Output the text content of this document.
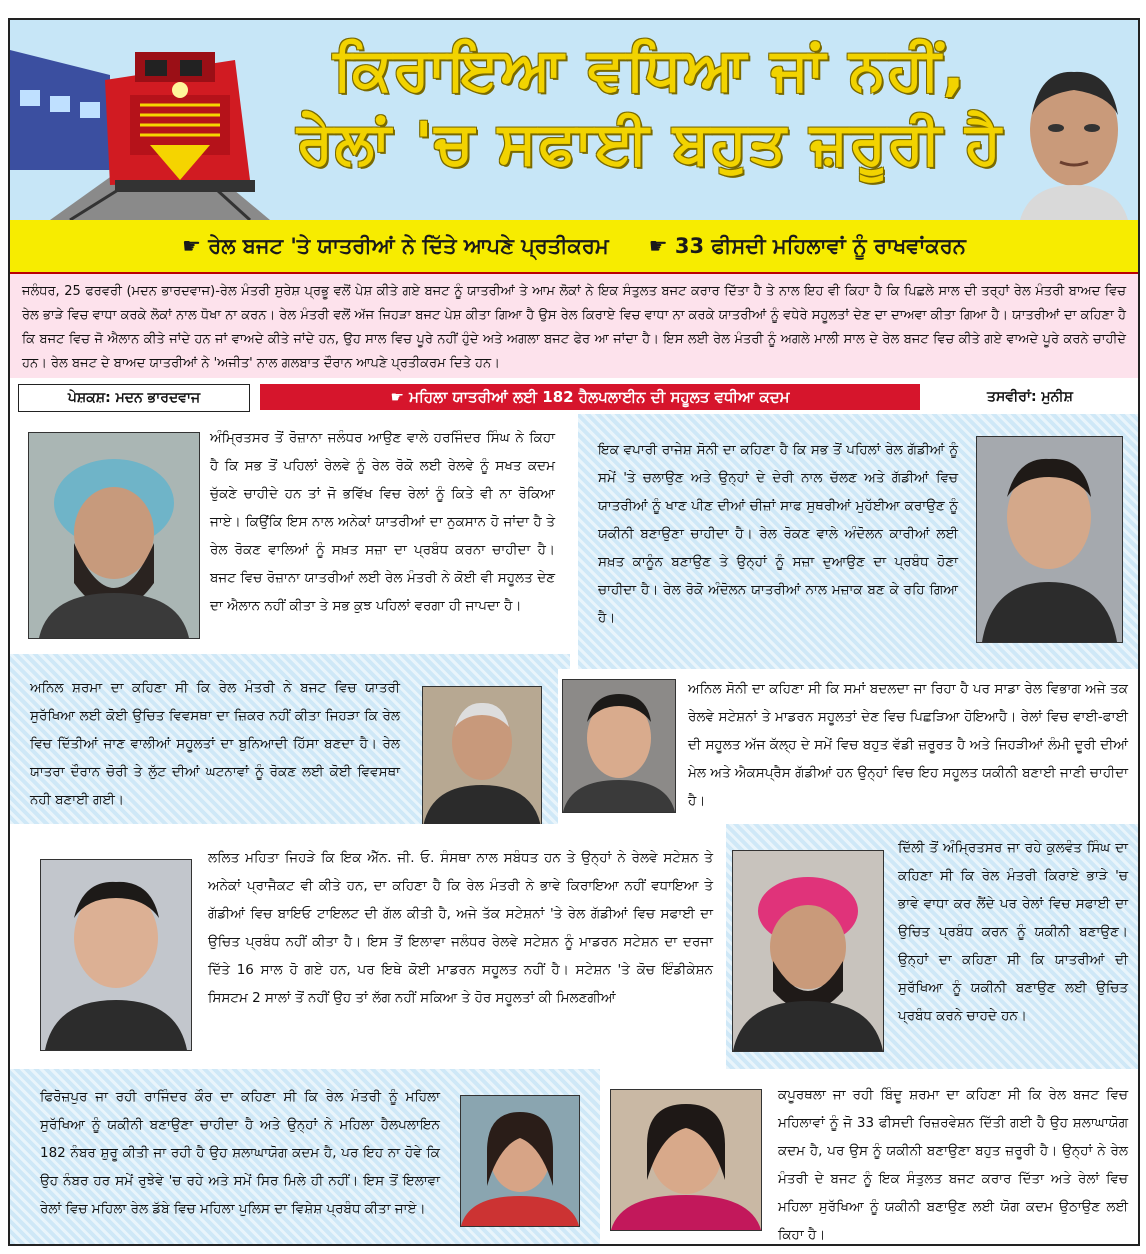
ਕਿਰਾਇਆ ਵਧਿਆ ਜਾਂ ਨਹੀਂ,
ਰੇਲਾਂ 'ਚ ਸਫਾਈ ਬਹੁਤ ਜ਼ਰੂਰੀ ਹੈ
☛ ਰੇਲ ਬਜਟ 'ਤੇ ਯਾਤਰੀਆਂ ਨੇ ਦਿੱਤੇ ਆਪਣੇ ਪ੍ਰਤੀਕਰਮ ☛ 33 ਫੀਸਦੀ ਮਹਿਲਾਵਾਂ ਨੂੰ ਰਾਖਵਾਂਕਰਨ
ਜਲੰਧਰ, 25 ਫਰਵਰੀ (ਮਦਨ ਭਾਰਦਵਾਜ)-ਰੇਲ ਮੰਤਰੀ ਸੁਰੇਸ਼ ਪ੍ਰਭੂ ਵਲੋਂ ਪੇਸ਼ ਕੀਤੇ ਗਏ ਬਜਟ ਨੂੰ ਯਾਤਰੀਆਂ ਤੇ ਆਮ ਲੋਕਾਂ ਨੇ ਇਕ ਸੰਤੁਲਤ ਬਜਟ ਕਰਾਰ ਦਿੱਤਾ ਹੈ ਤੇ ਨਾਲ ਇਹ ਵੀ ਕਿਹਾ ਹੈ ਕਿ ਪਿਛਲੇ ਸਾਲ ਦੀ ਤਰ੍ਹਾਂ ਰੇਲ ਮੰਤਰੀ ਬਾਅਦ ਵਿਚ ਰੇਲ ਭਾੜੇ ਵਿਚ ਵਾਧਾ ਕਰਕੇ ਲੋਕਾਂ ਨਾਲ ਧੋਖਾ ਨਾ ਕਰਨ। ਰੇਲ ਮੰਤਰੀ ਵਲੋਂ ਅੱਜ ਜਿਹੜਾ ਬਜਟ ਪੇਸ਼ ਕੀਤਾ ਗਿਆ ਹੈ ਉਸ ਰੇਲ ਕਿਰਾਏ ਵਿਚ ਵਾਧਾ ਨਾ ਕਰਕੇ ਯਾਤਰੀਆਂ ਨੂੰ ਵਧੇਰੇ ਸਹੂਲਤਾਂ ਦੇਣ ਦਾ ਦਾਅਵਾ ਕੀਤਾ ਗਿਆ ਹੈ। ਯਾਤਰੀਆਂ ਦਾ ਕਹਿਣਾ ਹੈ ਕਿ ਬਜਟ ਵਿਚ ਜੋ ਐਲਾਨ ਕੀਤੇ ਜਾਂਦੇ ਹਨ ਜਾਂ ਵਾਅਦੇ ਕੀਤੇ ਜਾਂਦੇ ਹਨ, ਉਹ ਸਾਲ ਵਿਚ ਪੂਰੇ ਨਹੀਂ ਹੁੰਦੇ ਅਤੇ ਅਗਲਾ ਬਜਟ ਫੇਰ ਆ ਜਾਂਦਾ ਹੈ। ਇਸ ਲਈ ਰੇਲ ਮੰਤਰੀ ਨੂੰ ਅਗਲੇ ਮਾਲੀ ਸਾਲ ਦੇ ਰੇਲ ਬਜਟ ਵਿਚ ਕੀਤੇ ਗਏ ਵਾਅਦੇ ਪੂਰੇ ਕਰਨੇ ਚਾਹੀਦੇ ਹਨ। ਰੇਲ ਬਜਟ ਦੇ ਬਾਅਦ ਯਾਤਰੀਆਂ ਨੇ 'ਅਜੀਤ' ਨਾਲ ਗਲਬਾਤ ਦੌਰਾਨ ਆਪਣੇ ਪ੍ਰਤੀਕਰਮ ਦਿਤੇ ਹਨ।
ਪੇਸ਼ਕਸ਼: ਮਦਨ ਭਾਰਦਵਾਜ	☛ ਮਹਿਲਾ ਯਾਤਰੀਆਂ ਲਈ 182 ਹੈਲਪਲਾਈਨ ਦੀ ਸਹੂਲਤ ਵਧੀਆ ਕਦਮ	ਤਸਵੀਰਾਂ: ਮੁਨੀਸ਼
ਅੰਮ੍ਰਿਤਸਰ ਤੋਂ ਰੋਜ਼ਾਨਾ ਜਲੰਧਰ ਆਉਣ ਵਾਲੇ ਹਰਜਿੰਦਰ ਸਿੰਘ ਨੇ ਕਿਹਾ ਹੈ ਕਿ ਸਭ ਤੋਂ ਪਹਿਲਾਂ ਰੇਲਵੇ ਨੂੰ ਰੇਲ ਰੋਕੋ ਲਈ ਰੇਲਵੇ ਨੂੰ ਸਖਤ ਕਦਮ ਚੁੱਕਣੇ ਚਾਹੀਦੇ ਹਨ ਤਾਂ ਜੋ ਭਵਿੱਖ ਵਿਚ ਰੇਲਾਂ ਨੂੰ ਕਿਤੇ ਵੀ ਨਾ ਰੋਕਿਆ ਜਾਏ। ਕਿਉਂਕਿ ਇਸ ਨਾਲ ਅਨੇਕਾਂ ਯਾਤਰੀਆਂ ਦਾ ਨੁਕਸਾਨ ਹੋ ਜਾਂਦਾ ਹੈ ਤੇ ਰੇਲ ਰੋਕਣ ਵਾਲਿਆਂ ਨੂੰ ਸਖ਼ਤ ਸਜ਼ਾ ਦਾ ਪ੍ਰਬੰਧ ਕਰਨਾ ਚਾਹੀਦਾ ਹੈ। ਬਜਟ ਵਿਚ ਰੋਜ਼ਾਨਾ ਯਾਤਰੀਆਂ ਲਈ ਰੇਲ ਮੰਤਰੀ ਨੇ ਕੋਈ ਵੀ ਸਹੂਲਤ ਦੇਣ ਦਾ ਐਲਾਨ ਨਹੀਂ ਕੀਤਾ ਤੇ ਸਭ ਕੁਝ ਪਹਿਲਾਂ ਵਰਗਾ ਹੀ ਜਾਪਦਾ ਹੈ।
ਇਕ ਵਪਾਰੀ ਰਾਜੇਸ਼ ਸੋਨੀ ਦਾ ਕਹਿਣਾ ਹੈ ਕਿ ਸਭ ਤੋਂ ਪਹਿਲਾਂ ਰੇਲ ਗੱਡੀਆਂ ਨੂੰ ਸਮੇਂ 'ਤੇ ਚਲਾਉਣ ਅਤੇ ਉਨ੍ਹਾਂ ਦੇ ਦੇਰੀ ਨਾਲ ਚੱਲਣ ਅਤੇ ਗੱਡੀਆਂ ਵਿਚ ਯਾਤਰੀਆਂ ਨੂੰ ਖਾਣ ਪੀਣ ਦੀਆਂ ਚੀਜ਼ਾਂ ਸਾਫ ਸੁਥਰੀਆਂ ਮੁਹੱਈਆ ਕਰਾਉਣ ਨੂੰ ਯਕੀਨੀ ਬਣਾਉਣਾ ਚਾਹੀਦਾ ਹੈ। ਰੇਲ ਰੋਕਣ ਵਾਲੇ ਅੰਦੋਲਨ ਕਾਰੀਆਂ ਲਈ ਸਖ਼ਤ ਕਾਨੂੰਨ ਬਣਾਉਣ ਤੇ ਉਨ੍ਹਾਂ ਨੂੰ ਸਜ਼ਾ ਦੁਆਉਣ ਦਾ ਪ੍ਰਬੰਧ ਹੋਣਾ ਚਾਹੀਦਾ ਹੈ। ਰੇਲ ਰੋਕੋ ਅੰਦੋਲਨ ਯਾਤਰੀਆਂ ਨਾਲ ਮਜ਼ਾਕ ਬਣ ਕੇ ਰਹਿ ਗਿਆ ਹੈ।
ਅਨਿਲ ਸ਼ਰਮਾ ਦਾ ਕਹਿਣਾ ਸੀ ਕਿ ਰੇਲ ਮੰਤਰੀ ਨੇ ਬਜਟ ਵਿਚ ਯਾਤਰੀ ਸੁਰੱਖਿਆ ਲਈ ਕੋਈ ਉਚਿਤ ਵਿਵਸਥਾ ਦਾ ਜ਼ਿਕਰ ਨਹੀਂ ਕੀਤਾ ਜਿਹੜਾ ਕਿ ਰੇਲ ਵਿਚ ਦਿੱਤੀਆਂ ਜਾਣ ਵਾਲੀਆਂ ਸਹੂਲਤਾਂ ਦਾ ਬੁਨਿਆਦੀ ਹਿੱਸਾ ਬਣਦਾ ਹੈ। ਰੇਲ ਯਾਤਰਾ ਦੌਰਾਨ ਚੋਰੀ ਤੇ ਲੁੱਟ ਦੀਆਂ ਘਟਨਾਵਾਂ ਨੂੰ ਰੋਕਣ ਲਈ ਕੋਈ ਵਿਵਸਥਾ ਨਹੀ ਬਣਾਈ ਗਈ।
ਅਨਿਲ ਸੋਨੀ ਦਾ ਕਹਿਣਾ ਸੀ ਕਿ ਸਮਾਂ ਬਦਲਦਾ ਜਾ ਰਿਹਾ ਹੈ ਪਰ ਸਾਡਾ ਰੇਲ ਵਿਭਾਗ ਅਜੇ ਤਕ ਰੇਲਵੇ ਸਟੇਸ਼ਨਾਂ ਤੇ ਮਾਡਰਨ ਸਹੂਲਤਾਂ ਦੇਣ ਵਿਚ ਪਿਛੜਿਆ ਹੋਇਆਹੈ। ਰੇਲਾਂ ਵਿਚ ਵਾਈ-ਫਾਈ ਦੀ ਸਹੂਲਤ ਅੱਜ ਕੱਲ੍ਹ ਦੇ ਸਮੇਂ ਵਿਚ ਬਹੁਤ ਵੱਡੀ ਜ਼ਰੂਰਤ ਹੈ ਅਤੇ ਜਿਹੜੀਆਂ ਲੰਮੀ ਦੂਰੀ ਦੀਆਂ ਮੇਲ ਅਤੇ ਐਕਸਪ੍ਰੈਸ ਗੱਡੀਆਂ ਹਨ ਉਨ੍ਹਾਂ ਵਿਚ ਇਹ ਸਹੂਲਤ ਯਕੀਨੀ ਬਣਾਈ ਜਾਣੀ ਚਾਹੀਦਾ ਹੈ।
ਲਲਿਤ ਮਹਿਤਾ ਜਿਹੜੇ ਕਿ ਇਕ ਐੱਨ. ਜੀ. ਓ. ਸੰਸਥਾ ਨਾਲ ਸਬੰਧਤ ਹਨ ਤੇ ਉਨ੍ਹਾਂ ਨੇ ਰੇਲਵੇ ਸਟੇਸ਼ਨ ਤੇ ਅਨੇਕਾਂ ਪ੍ਰਾਜੈਕਟ ਵੀ ਕੀਤੇ ਹਨ, ਦਾ ਕਹਿਣਾ ਹੈ ਕਿ ਰੇਲ ਮੰਤਰੀ ਨੇ ਭਾਵੇ ਕਿਰਾਇਆ ਨਹੀਂ ਵਧਾਇਆ ਤੇ ਗੱਡੀਆਂ ਵਿਚ ਬਾਇਓ ਟਾਇਲਟ ਦੀ ਗੱਲ ਕੀਤੀ ਹੈ, ਅਜੇ ਤੱਕ ਸਟੇਸ਼ਨਾਂ 'ਤੇ ਰੇਲ ਗੱਡੀਆਂ ਵਿਚ ਸਫਾਈ ਦਾ ਉਚਿਤ ਪ੍ਰਬੰਧ ਨਹੀਂ ਕੀਤਾ ਹੈ। ਇਸ ਤੋਂ ਇਲਾਵਾ ਜਲੰਧਰ ਰੇਲਵੇ ਸਟੇਸ਼ਨ ਨੂੰ ਮਾਡਰਨ ਸਟੇਸ਼ਨ ਦਾ ਦਰਜਾ ਦਿੱਤੇ 16 ਸਾਲ ਹੋ ਗਏ ਹਨ, ਪਰ ਇਥੇ ਕੋਈ ਮਾਡਰਨ ਸਹੂਲਤ ਨਹੀਂ ਹੈ। ਸਟੇਸ਼ਨ 'ਤੇ ਕੋਚ ਇੰਡੀਕੇਸ਼ਨ ਸਿਸਟਮ 2 ਸਾਲਾਂ ਤੋਂ ਨਹੀਂ ਉਹ ਤਾਂ ਲੱਗ ਨਹੀਂ ਸਕਿਆ ਤੇ ਹੋਰ ਸਹੂਲਤਾਂ ਕੀ ਮਿਲਣਗੀਆਂ
ਦਿੱਲੀ ਤੋਂ ਅੰਮ੍ਰਿਤਸਰ ਜਾ ਰਹੇ ਕੁਲਵੰਤ ਸਿੰਘ ਦਾ ਕਹਿਣਾ ਸੀ ਕਿ ਰੇਲ ਮੰਤਰੀ ਕਿਰਾਏ ਭਾੜੇ 'ਚ ਭਾਵੇ ਵਾਧਾ ਕਰ ਲੈਂਦੇ ਪਰ ਰੇਲਾਂ ਵਿਚ ਸਫਾਈ ਦਾ ਉਚਿਤ ਪ੍ਰਬੰਧ ਕਰਨ ਨੂੰ ਯਕੀਨੀ ਬਣਾਉਣ। ਉਨ੍ਹਾਂ ਦਾ ਕਹਿਣਾ ਸੀ ਕਿ ਯਾਤਰੀਆਂ ਦੀ ਸੁਰੱਖਿਆ ਨੂੰ ਯਕੀਨੀ ਬਣਾਉਣ ਲਈ ਉਚਿਤ ਪ੍ਰਬੰਧ ਕਰਨੇ ਚਾਹਦੇ ਹਨ।
ਫਿਰੋਜ਼ਪੁਰ ਜਾ ਰਹੀ ਰਾਜਿੰਦਰ ਕੌਰ ਦਾ ਕਹਿਣਾ ਸੀ ਕਿ ਰੇਲ ਮੰਤਰੀ ਨੂੰ ਮਹਿਲਾ ਸੁਰੱਖਿਆ ਨੂੰ ਯਕੀਨੀ ਬਣਾਉਣਾ ਚਾਹੀਦਾ ਹੈ ਅਤੇ ਉਨ੍ਹਾਂ ਨੇ ਮਹਿਲਾ ਹੈਲਪਲਾਇਨ 182 ਨੰਬਰ ਸ਼ੁਰੂ ਕੀਤੀ ਜਾ ਰਹੀ ਹੈ ਉਹ ਸ਼ਲਾਘਾਯੋਗ ਕਦਮ ਹੈ, ਪਰ ਇਹ ਨਾ ਹੋਵੇ ਕਿ ਉਹ ਨੰਬਰ ਹਰ ਸਮੇਂ ਰੁਝੇਵੇ 'ਚ ਰਹੇ ਅਤੇ ਸਮੇਂ ਸਿਰ ਮਿਲੇ ਹੀ ਨਹੀਂ। ਇਸ ਤੋਂ ਇਲਾਵਾ ਰੇਲਾਂ ਵਿਚ ਮਹਿਲਾ ਰੇਲ ਡੱਬੇ ਵਿਚ ਮਹਿਲਾ ਪੁਲਿਸ ਦਾ ਵਿਸ਼ੇਸ਼ ਪ੍ਰਬੰਧ ਕੀਤਾ ਜਾਏ।
ਕਪੂਰਥਲਾ ਜਾ ਰਹੀ ਬਿੰਦੂ ਸ਼ਰਮਾ ਦਾ ਕਹਿਣਾ ਸੀ ਕਿ ਰੇਲ ਬਜਟ ਵਿਚ ਮਹਿਲਾਵਾਂ ਨੂੰ ਜੋ 33 ਫੀਸਦੀ ਰਿਜ਼ਰਵੇਸ਼ਨ ਦਿੱਤੀ ਗਈ ਹੈ ਉਹ ਸ਼ਲਾਘਾਯੋਗ ਕਦਮ ਹੈ, ਪਰ ਉਸ ਨੂੰ ਯਕੀਨੀ ਬਣਾਉਣਾ ਬਹੁਤ ਜ਼ਰੂਰੀ ਹੈ। ਉਨ੍ਹਾਂ ਨੇ ਰੇਲ ਮੰਤਰੀ ਦੇ ਬਜਟ ਨੂੰ ਇਕ ਸੰਤੁਲਤ ਬਜਟ ਕਰਾਰ ਦਿੱਤਾ ਅਤੇ ਰੇਲਾਂ ਵਿਚ ਮਹਿਲਾ ਸੁਰੱਖਿਆ ਨੂੰ ਯਕੀਨੀ ਬਣਾਉਣ ਲਈ ਯੋਗ ਕਦਮ ਉਠਾਉਣ ਲਈ ਕਿਹਾ ਹੈ।
